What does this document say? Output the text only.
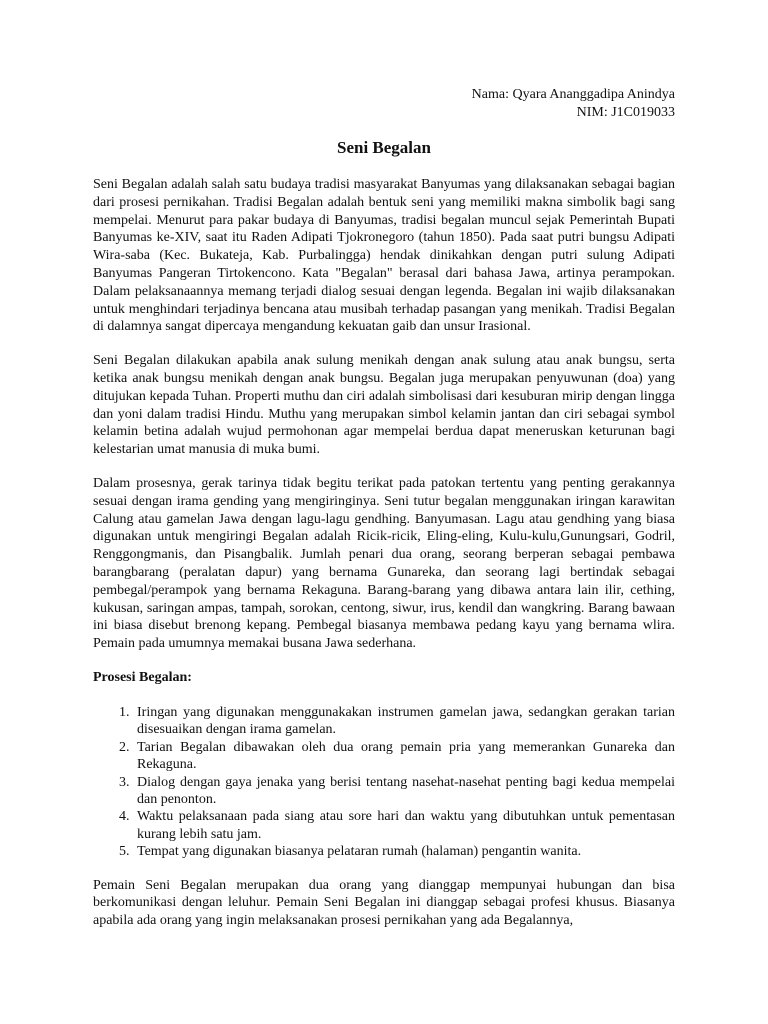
Nama: Qyara Ananggadipa Anindya
NIM: J1C019033
Seni Begalan

Seni Begalan adalah salah satu budaya tradisi masyarakat Banyumas yang dilaksanakan sebagai bagian dari prosesi pernikahan. Tradisi Begalan adalah bentuk seni yang memiliki makna simbolik bagi sang mempelai. Menurut para pakar budaya di Banyumas, tradisi begalan muncul sejak Pemerintah Bupati Banyumas ke-XIV, saat itu Raden Adipati Tjokronegoro (tahun 1850). Pada saat putri bungsu Adipati Wira-saba (Kec. Bukateja, Kab. Purbalingga) hendak dinikahkan dengan putri sulung Adipati Banyumas Pangeran Tirtokencono. Kata "Begalan" berasal dari bahasa Jawa, artinya perampokan. Dalam pelaksanaannya memang terjadi dialog sesuai dengan legenda. Begalan ini wajib dilaksanakan untuk menghindari terjadinya bencana atau musibah terhadap pasangan yang menikah. Tradisi Begalan di dalamnya sangat dipercaya mengandung kekuatan gaib dan unsur Irasional.

Seni Begalan dilakukan apabila anak sulung menikah dengan anak sulung atau anak bungsu, serta ketika anak bungsu menikah dengan anak bungsu. Begalan juga merupakan penyuwunan (doa) yang ditujukan kepada Tuhan. Properti muthu dan ciri adalah simbolisasi dari kesuburan mirip dengan lingga dan yoni dalam tradisi Hindu. Muthu yang merupakan simbol kelamin jantan dan ciri sebagai symbol kelamin betina adalah wujud permohonan agar mempelai berdua dapat meneruskan keturunan bagi kelestarian umat manusia di muka bumi.

Dalam prosesnya, gerak tarinya tidak begitu terikat pada patokan tertentu yang penting gerakannya sesuai dengan irama gending yang mengiringinya. Seni tutur begalan menggunakan iringan karawitan Calung atau gamelan Jawa dengan lagu-lagu gendhing. Banyumasan. Lagu atau gendhing yang biasa digunakan untuk mengiringi Begalan adalah Ricik-ricik, Eling-eling, Kulu-kulu,Gunungsari, Godril, Renggongmanis, dan Pisangbalik. Jumlah penari dua orang, seorang berperan sebagai pembawa barangbarang (peralatan dapur) yang bernama Gunareka, dan seorang lagi bertindak sebagai pembegal/perampok yang bernama Rekaguna. Barang-barang yang dibawa antara lain ilir, cething, kukusan, saringan ampas, tampah, sorokan, centong, siwur, irus, kendil dan wangkring. Barang bawaan ini biasa disebut brenong kepang. Pembegal biasanya membawa pedang kayu yang bernama wlira. Pemain pada umumnya memakai busana Jawa sederhana.

Prosesi Begalan:
1. Iringan yang digunakan menggunakakan instrumen gamelan jawa, sedangkan gerakan tarian disesuaikan dengan irama gamelan.
2. Tarian Begalan dibawakan oleh dua orang pemain pria yang memerankan Gunareka dan Rekaguna.
3. Dialog dengan gaya jenaka yang berisi tentang nasehat-nasehat penting bagi kedua mempelai dan penonton.
4. Waktu pelaksanaan pada siang atau sore hari dan waktu yang dibutuhkan untuk pementasan kurang lebih satu jam.
5. Tempat yang digunakan biasanya pelataran rumah (halaman) pengantin wanita.

Pemain Seni Begalan merupakan dua orang yang dianggap mempunyai hubungan dan bisa berkomunikasi dengan leluhur. Pemain Seni Begalan ini dianggap sebagai profesi khusus. Biasanya apabila ada orang yang ingin melaksanakan prosesi pernikahan yang ada Begalannya,
